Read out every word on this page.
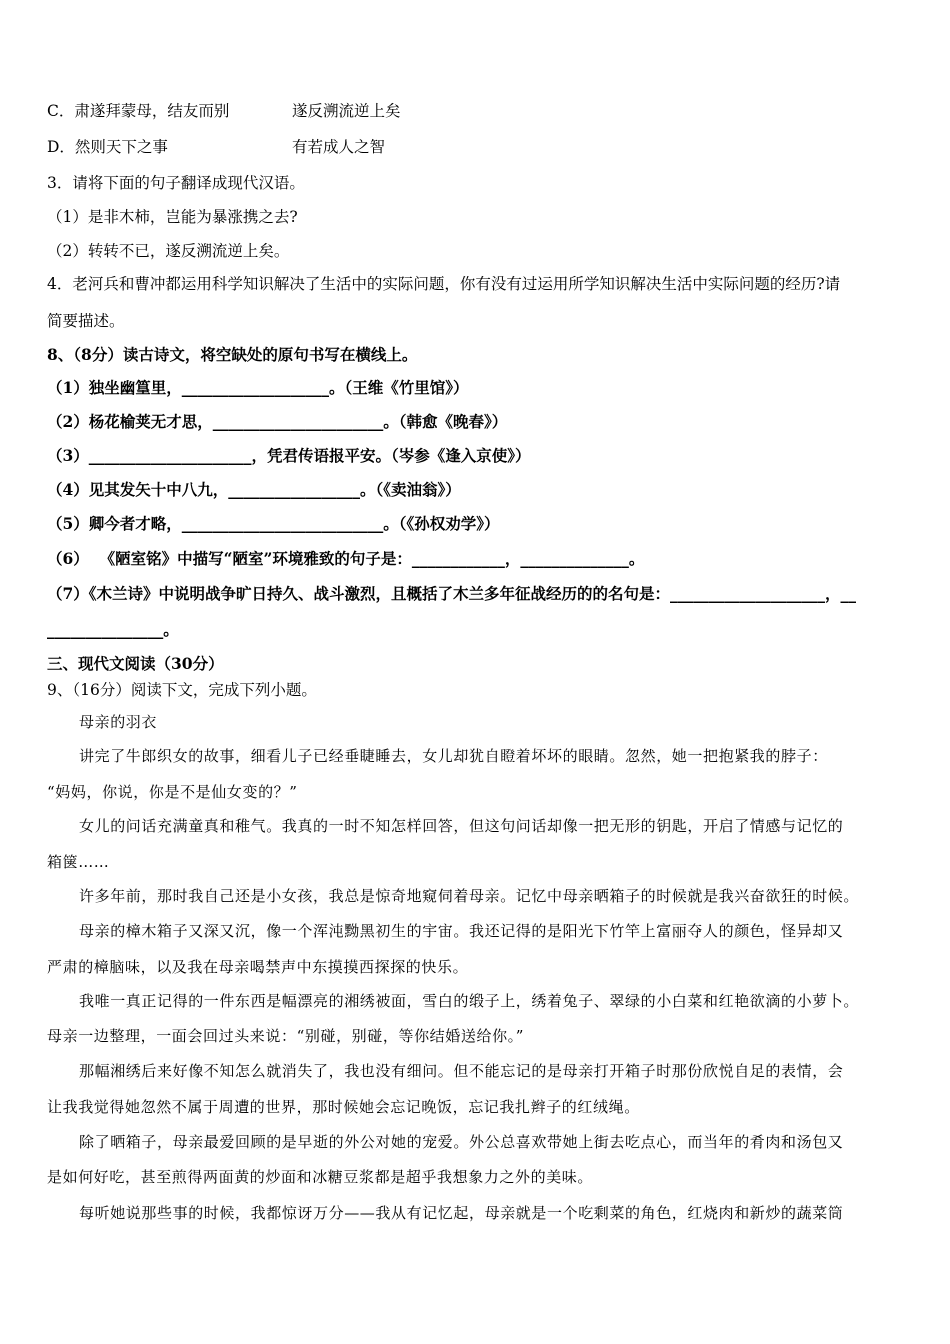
C．肃遂拜蒙母，结友而别	遂反溯流逆上矣
D．然则天下之事	有若成人之智
3．请将下面的句子翻译成现代汉语。
（1）是非木柿，岂能为暴涨携之去?
（2）转转不已，遂反溯流逆上矣。
4．老河兵和曹冲都运用科学知识解决了生活中的实际问题，你有没有过运用所学知识解决生活中实际问题的经历?请
简要描述。
8、（8分）读古诗文，将空缺处的原句书写在横线上。
（1）独坐幽篁里，___________________。（王维《竹里馆》）
（2）杨花榆荚无才思，______________________。（韩愈《晚春》）
（3）_____________________，凭君传语报平安。（岑参《逢入京使》）
（4）见其发矢十中八九，_________________。（《卖油翁》）
（5）卿今者才略，__________________________。（《孙权劝学》）
（6）  《陋室铭》中描写“陋室”环境雅致的句子是：____________，______________。
（7）《木兰诗》中说明战争旷日持久、战斗激烈，且概括了木兰多年征战经历的的名句是：____________________，__
_______________。
三、现代文阅读（30分）
9、（16分）阅读下文，完成下列小题。
母亲的羽衣
讲完了牛郎织女的故事，细看儿子已经垂睫睡去，女儿却犹自瞪着坏坏的眼睛。忽然，她一把抱紧我的脖子：
“妈妈，你说，你是不是仙女变的？”
女儿的问话充满童真和稚气。我真的一时不知怎样回答，但这句问话却像一把无形的钥匙，开启了情感与记忆的
箱箧……
许多年前，那时我自己还是小女孩，我总是惊奇地窥伺着母亲。记忆中母亲晒箱子的时候就是我兴奋欲狂的时候。
母亲的樟木箱子又深又沉，像一个浑沌黝黑初生的宇宙。我还记得的是阳光下竹竿上富丽夺人的颜色，怪异却又
严肃的樟脑味，以及我在母亲喝禁声中东摸摸西探探的快乐。
我唯一真正记得的一件东西是幅漂亮的湘绣被面，雪白的缎子上，绣着兔子、翠绿的小白菜和红艳欲滴的小萝卜。
母亲一边整理，一面会回过头来说：“别碰，别碰，等你结婚送给你。”
那幅湘绣后来好像不知怎么就消失了，我也没有细问。但不能忘记的是母亲打开箱子时那份欣悦自足的表情，会
让我我觉得她忽然不属于周遭的世界，那时候她会忘记晚饭，忘记我扎辫子的红绒绳。
除了晒箱子，母亲最爱回顾的是早逝的外公对她的宠爱。外公总喜欢带她上街去吃点心，而当年的肴肉和汤包又
是如何好吃，甚至煎得两面黄的炒面和冰糖豆浆都是超乎我想象力之外的美味。
每听她说那些事的时候，我都惊讶万分——我从有记忆起，母亲就是一个吃剩菜的角色，红烧肉和新炒的蔬菜筒
